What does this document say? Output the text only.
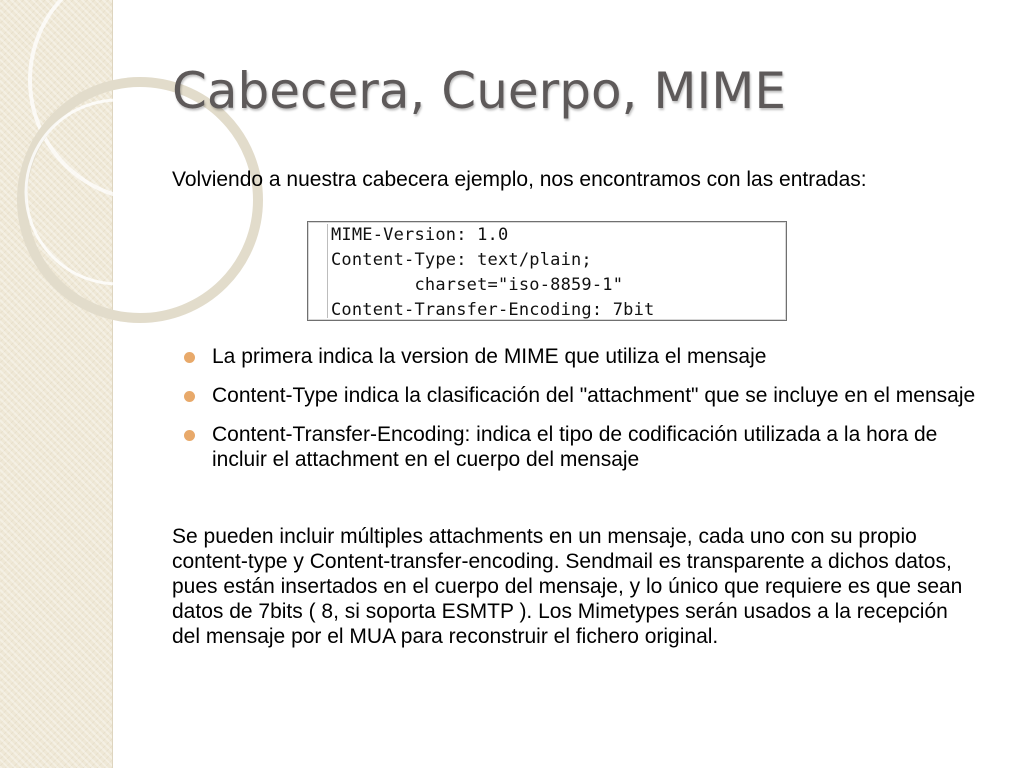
Cabecera, Cuerpo, MIME

Volviendo a nuestra cabecera ejemplo, nos encontramos con las entradas:

MIME-Version: 1.0
Content-Type: text/plain;
charset="iso-8859-1"
Content-Transfer-Encoding: 7bit
La primera indica la version de MIME que utiliza el mensaje
Content-Type indica la clasificación del "attachment" que se incluye en el mensaje
Content-Transfer-Encoding: indica el tipo de codificación utilizada a la hora de incluir el attachment en el cuerpo del mensaje

Se pueden incluir múltiples attachments en un mensaje, cada uno con su propio content-type y Content-transfer-encoding. Sendmail es transparente a dichos datos, pues están insertados en el cuerpo del mensaje, y lo único que requiere es que sean datos de 7bits ( 8, si soporta ESMTP ). Los Mimetypes serán usados a la recepción del mensaje por el MUA para reconstruir el fichero original.
